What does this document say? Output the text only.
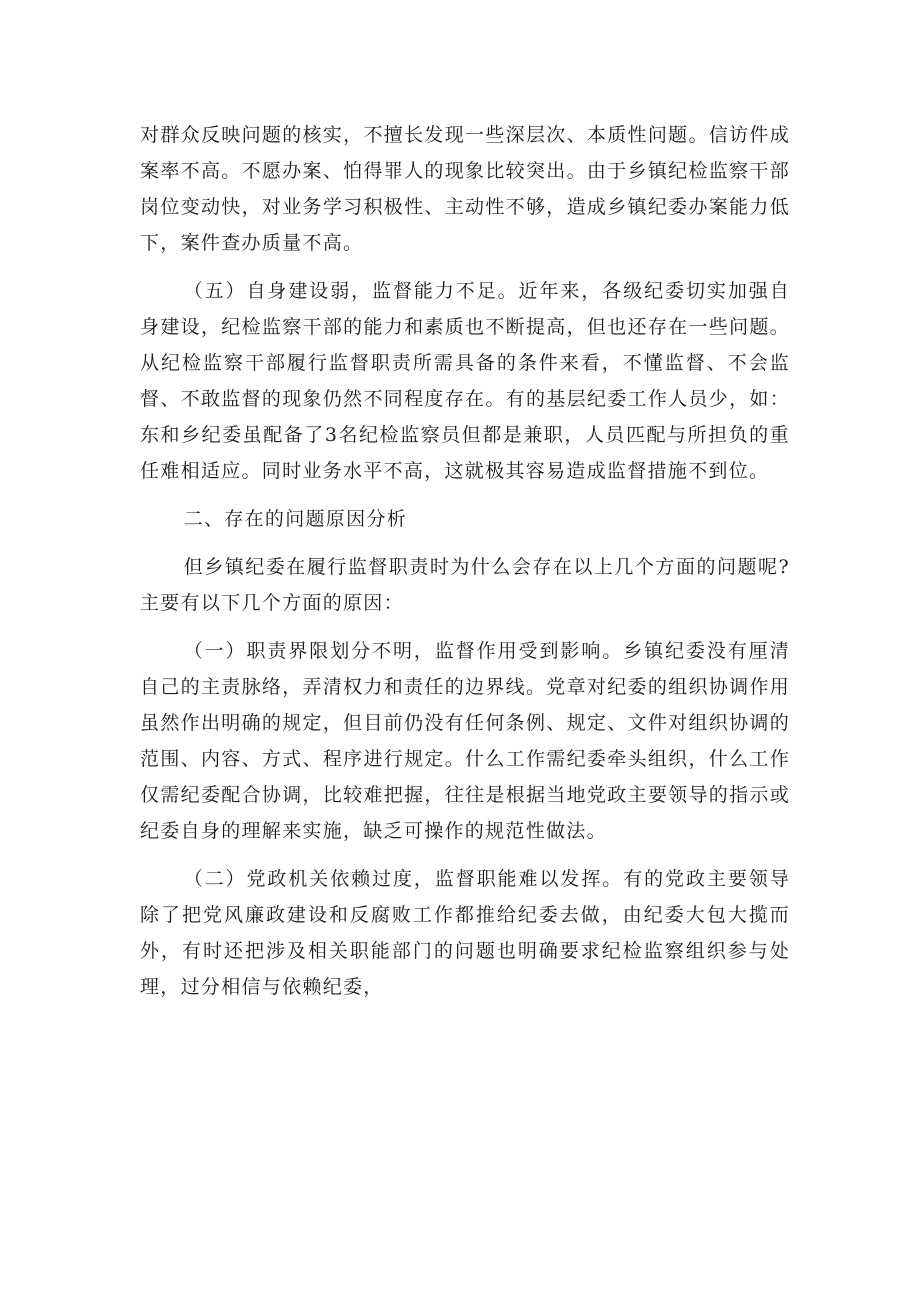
对群众反映问题的核实，不擅长发现一些深层次、本质性问题。信访件成案率不高。不愿办案、怕得罪人的现象比较突出。由于乡镇纪检监察干部岗位变动快，对业务学习积极性、主动性不够，造成乡镇纪委办案能力低下，案件查办质量不高。

（五）自身建设弱，监督能力不足。近年来，各级纪委切实加强自身建设，纪检监察干部的能力和素质也不断提高，但也还存在一些问题。从纪检监察干部履行监督职责所需具备的条件来看，不懂监督、不会监督、不敢监督的现象仍然不同程度存在。有的基层纪委工作人员少，如：东和乡纪委虽配备了3名纪检监察员但都是兼职，人员匹配与所担负的重任难相适应。同时业务水平不高，这就极其容易造成监督措施不到位。

二、存在的问题原因分析

但乡镇纪委在履行监督职责时为什么会存在以上几个方面的问题呢?主要有以下几个方面的原因：

（一）职责界限划分不明，监督作用受到影响。乡镇纪委没有厘清自己的主责脉络，弄清权力和责任的边界线。党章对纪委的组织协调作用虽然作出明确的规定，但目前仍没有任何条例、规定、文件对组织协调的范围、内容、方式、程序进行规定。什么工作需纪委牵头组织，什么工作仅需纪委配合协调，比较难把握，往往是根据当地党政主要领导的指示或纪委自身的理解来实施，缺乏可操作的规范性做法。

（二）党政机关依赖过度，监督职能难以发挥。有的党政主要领导除了把党风廉政建设和反腐败工作都推给纪委去做，由纪委大包大揽而外，有时还把涉及相关职能部门的问题也明确要求纪检监察组织参与处理，过分相信与依赖纪委，
